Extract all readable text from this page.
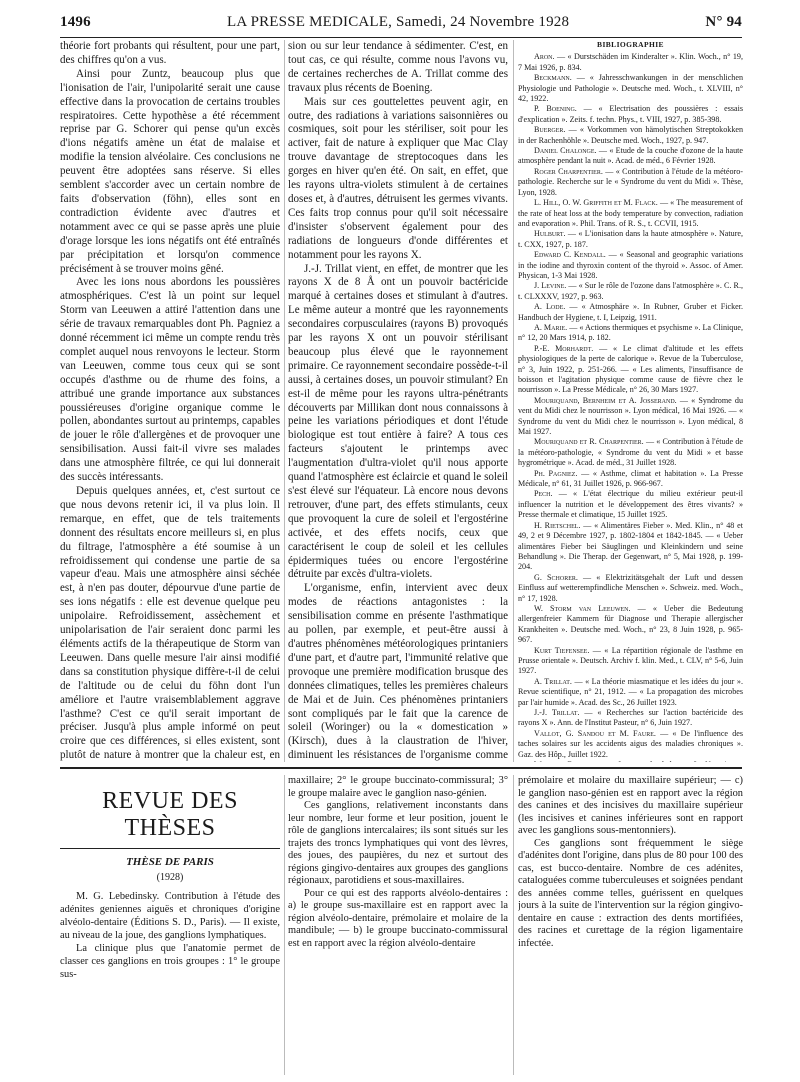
1496	LA PRESSE MEDICALE, Samedi, 24 Novembre 1928	N° 94

théorie fort probants qui résultent, pour une part, des chiffres qu'on a vus.

Ainsi pour Zuntz, beaucoup plus que l'ionisation de l'air, l'unipolarité serait une cause effective dans la provocation de certains troubles respiratoires. Cette hypothèse a été récemment reprise par G. Schorer qui pense qu'un excès d'ions négatifs amène un état de malaise et modifie la tension alvéolaire. Ces conclusions ne peuvent être adoptées sans réserve. Si elles semblent s'accorder avec un certain nombre de faits d'observation (föhn), elles sont en contradiction évidente avec d'autres et notamment avec ce qui se passe après une pluie d'orage lorsque les ions négatifs ont été entraînés par précipitation et lorsqu'on commence précisément à se trouver moins gêné.

Avec les ions nous abordons les poussières atmosphériques. C'est là un point sur lequel Storm van Leeuwen a attiré l'attention dans une série de travaux remarquables dont Ph. Pagniez a donné récemment ici même un compte rendu très complet auquel nous renvoyons le lecteur. Storm van Leeuwen, comme tous ceux qui se sont occupés d'asthme ou de rhume des foins, a attribué une grande importance aux substances poussiéreuses d'origine organique comme le pollen, abondantes surtout au printemps, capables de jouer le rôle d'allergènes et de provoquer une sensibilisation. Aussi fait-il vivre ses malades dans une atmosphère filtrée, ce qui lui donnerait des succès intéressants.

Depuis quelques années, et, c'est surtout ce que nous devons retenir ici, il va plus loin. Il remarque, en effet, que de tels traitements donnent des résultats encore meilleurs si, en plus du filtrage, l'atmosphère a été soumise à un refroidissement qui condense une partie de sa vapeur d'eau. Mais une atmosphère ainsi séchée est, à n'en pas douter, dépourvue d'une partie de ses ions négatifs : elle est devenue quelque peu unipolaire. Refroidissement, assèchement et unipolarisation de l'air seraient donc parmi les éléments actifs de la thérapeutique de Storm van Leeuwen. Dans quelle mesure l'air ainsi modifié dans sa constitution physique diffère-t-il de celui de l'altitude ou de celui du föhn dont l'un améliore et l'autre vraisemblablement aggrave l'asthme? C'est ce qu'il serait important de préciser. Jusqu'à plus ample informé on peut croire que ces différences, si elles existent, sont plutôt de nature à montrer que la chaleur est, en

sion ou sur leur tendance à sédimenter. C'est, en tout cas, ce qui résulte, comme nous l'avons vu, de certaines recherches de A. Trillat comme des travaux plus récents de Boening.

Mais sur ces gouttelettes peuvent agir, en outre, des radiations à variations saisonnières ou cosmiques, soit pour les stériliser, soit pour les activer, fait de nature à expliquer que Mac Clay trouve davantage de streptocoques dans les gorges en hiver qu'en été. On sait, en effet, que les rayons ultra-violets stimulent à de certaines doses et, à d'autres, détruisent les germes vivants. Ces faits trop connus pour qu'il soit nécessaire d'insister s'observent également pour des radiations de longueurs d'onde différentes et notamment pour les rayons X.

J.-J. Trillat vient, en effet, de montrer que les rayons X de 8 Å ont un pouvoir bactéricide marqué à certaines doses et stimulant à d'autres. Le même auteur a montré que les rayonnements secondaires corpusculaires (rayons B) provoqués par les rayons X ont un pouvoir stérilisant beaucoup plus élevé que le rayonnement primaire. Ce rayonnement secondaire possède-t-il aussi, à certaines doses, un pouvoir stimulant? En est-il de même pour les rayons ultra-pénétrants découverts par Millikan dont nous connaissons à peine les variations périodiques et dont l'étude biologique est tout entière à faire? A tous ces facteurs s'ajoutent le printemps avec l'augmentation d'ultra-violet qu'il nous apporte quand l'atmosphère est éclaircie et quand le soleil s'est élevé sur l'équateur. Là encore nous devons retrouver, d'une part, des effets stimulants, ceux que provoquent la cure de soleil et l'ergostérine activée, et des effets nocifs, ceux que caractérisent le coup de soleil et les cellules épidermiques tuées ou encore l'ergostérine détruite par excès d'ultra-violets.

L'organisme, enfin, intervient avec deux modes de réactions antagonistes : la sensibilisation comme en présente l'asthmatique au pollen, par exemple, et peut-être aussi à d'autres phénomènes météorologiques printaniers d'une part, et d'autre part, l'immunité relative que provoque une première modification brusque des données climatiques, telles les premières chaleurs de Mai et de Juin. Ces phénomènes printaniers sont compliqués par le fait que la carence de soleil (Woringer) ou la « domestication » (Kirsch), dues à la claustration de l'hiver, diminuent les résistances de l'organisme comme

BIBLIOGRAPHIE

Aron. — « Durstschäden im Kinderalter ». Klin. Woch., n° 19, 7 Mai 1926, p. 834.

Beckmann. — « Jahresschwankungen in der menschlichen Physiologie und Pathologie ». Deutsche med. Woch., t. XLVIII, n° 42, 1922.

P. Boening. — « Electrisation des poussières : essais d'explication ». Zeits. f. techn. Phys., t. VIII, 1927, p. 385-398.

Buerger. — « Vorkommen von hämolytischen Streptokokken in der Rachenhöhle ». Deutsche med. Woch., 1927, p. 947.

Daniel Chalonge. — « Etude de la couche d'ozone de la haute atmosphère pendant la nuit ». Acad. de méd., 6 Février 1928.

Roger Charpentier. — « Contribution à l'étude de la météoro-pathologie. Recherche sur le « Syndrome du vent du Midi ». Thèse, Lyon, 1928.

L. Hill, O. W. Griffith et M. Flack. — « The measurement of the rate of heat loss at the body temperature by convection, radiation and evaporation ». Phil. Trans. of R. S., t. CCVII, 1915.

Hulburt. — « L'ionisation dans la haute atmosphère ». Nature, t. CXX, 1927, p. 187.

Edward C. Kendall. — « Seasonal and geographic variations in the iodine and thyroxin content of the thyroid ». Assoc. of Amer. Physican, 1-3 Mai 1928.

J. Levine. — « Sur le rôle de l'ozone dans l'atmosphère ». C. R., t. CLXXXV, 1927, p. 963.

A. Lode. — « Atmosphäre ». In Rubner, Gruber et Ficker. Handbuch der Hygiene, t. I, Leipzig, 1911.

A. Marie. — « Actions thermiques et psychisme ». La Clinique, n° 12, 20 Mars 1914, p. 182.

P.-E. Morhardt. — « Le climat d'altitude et les effets physiologiques de la perte de calorique ». Revue de la Tuberculose, n° 3, Juin 1922, p. 251-266. — « Les aliments, l'insuffisance de boisson et l'agitation physique comme cause de fièvre chez le nourrisson ». La Presse Médicale, n° 26, 30 Mars 1927.

Mouriquand, Bernheim et A. Josserand. — « Syndrome du vent du Midi chez le nourrisson ». Lyon médical, 16 Mai 1926. — « Syndrome du vent du Midi chez le nourrisson ». Lyon médical, 8 Mai 1927.

Mouriquand et R. Charpentier. — « Contribution à l'étude de la météoro-pathologie, « Syndrome du vent du Midi » et basse hygrométrique ». Acad. de méd., 31 Juillet 1928.

Ph. Pagniez. — « Asthme, climat et habitation ». La Presse Médicale, n° 61, 31 Juillet 1926, p. 966-967.

Pech. — « L'état électrique du milieu extérieur peut-il influencer la nutrition et le développement des êtres vivants? » Presse thermale et climatique, 15 Juillet 1925.

H. Rietschel. — « Alimentäres Fieber ». Med. Klin., n° 48 et 49, 2 et 9 Décembre 1927, p. 1802-1804 et 1842-1845. — « Ueber alimentäres Fieber bei Säuglingen und Kleinkindern und seine Behandlung ». Die Therap. der Gegenwart, n° 5, Mai 1928, p. 199-204.

G. Schorer. — « Elektrizitätsgehalt der Luft und dessen Einfluss auf wetterempfindliche Menschen ». Schweiz. med. Woch., n° 17, 1928.

W. Storm van Leeuwen. — « Ueber die Bedeutung allergenfreier Kammern für Diagnose und Therapie allergischer Krankheiten ». Deutsche med. Woch., n° 23, 8 Juin 1928, p. 965-967.

Kurt Tiefensee. — « La répartition régionale de l'asthme en Prusse orientale ». Deutsch. Archiv f. klin. Med., t. CLV, n° 5-6, Juin 1927.

A. Trillat. — « La théorie miasmatique et les idées du jour ». Revue scientifique, n° 21, 1912. — « La propagation des microbes par l'air humide ». Acad. des Sc., 26 Juillet 1923.

J.-J. Trillat. — « Recherches sur l'action bactéricide des rayons X ». Ann. de l'Institut Pasteur, n° 6, Juin 1927.

Vallot, G. Sandou et M. Faure. — « De l'influence des taches solaires sur les accidents aigus des maladies chroniques ». Gaz. des Hôp., Juillet 1922.

REVUE DES THÈSES
THÈSE DE PARIS
(1928)

M. G. Lebedinsky. Contribution à l'étude des adénites geniennes aiguës et chroniques d'origine alvéolo-dentaire (Éditions S. D., Paris). — Il existe, au niveau de la joue, des ganglions lymphatiques.

La clinique plus que l'anatomie permet de classer ces ganglions en trois groupes : 1° le groupe sus-

maxillaire; 2° le groupe buccinato-commissural; 3° le groupe malaire avec le ganglion naso-génien.

Ces ganglions, relativement inconstants dans leur nombre, leur forme et leur position, jouent le rôle de ganglions intercalaires; ils sont situés sur les trajets des troncs lymphatiques qui vont des lèvres, des joues, des paupières, du nez et surtout des régions gingivo-dentaires aux groupes des ganglions régionaux, parotidiens et sous-maxillaires.

Pour ce qui est des rapports alvéolo-dentaires : a) le groupe sus-maxillaire est en rapport avec la région alvéolo-dentaire, prémolaire et molaire de la mandibule; — b) le groupe buccinato-commissural est en rapport avec la région alvéolo-dentaire

prémolaire et molaire du maxillaire supérieur; — c) le ganglion naso-génien est en rapport avec la région des canines et des incisives du maxillaire supérieur (les incisives et canines inférieures sont en rapport avec les ganglions sous-mentonniers).

Ces ganglions sont fréquemment le siège d'adénites dont l'origine, dans plus de 80 pour 100 des cas, est bucco-dentaire. Nombre de ces adénites, cataloguées comme tuberculeuses et soignées pendant des années comme telles, guérissent en quelques jours à la suite de l'intervention sur la région gingivo-dentaire en cause : extraction des dents mortifiées, des racines et curettage de la région ligamentaire infectée.
